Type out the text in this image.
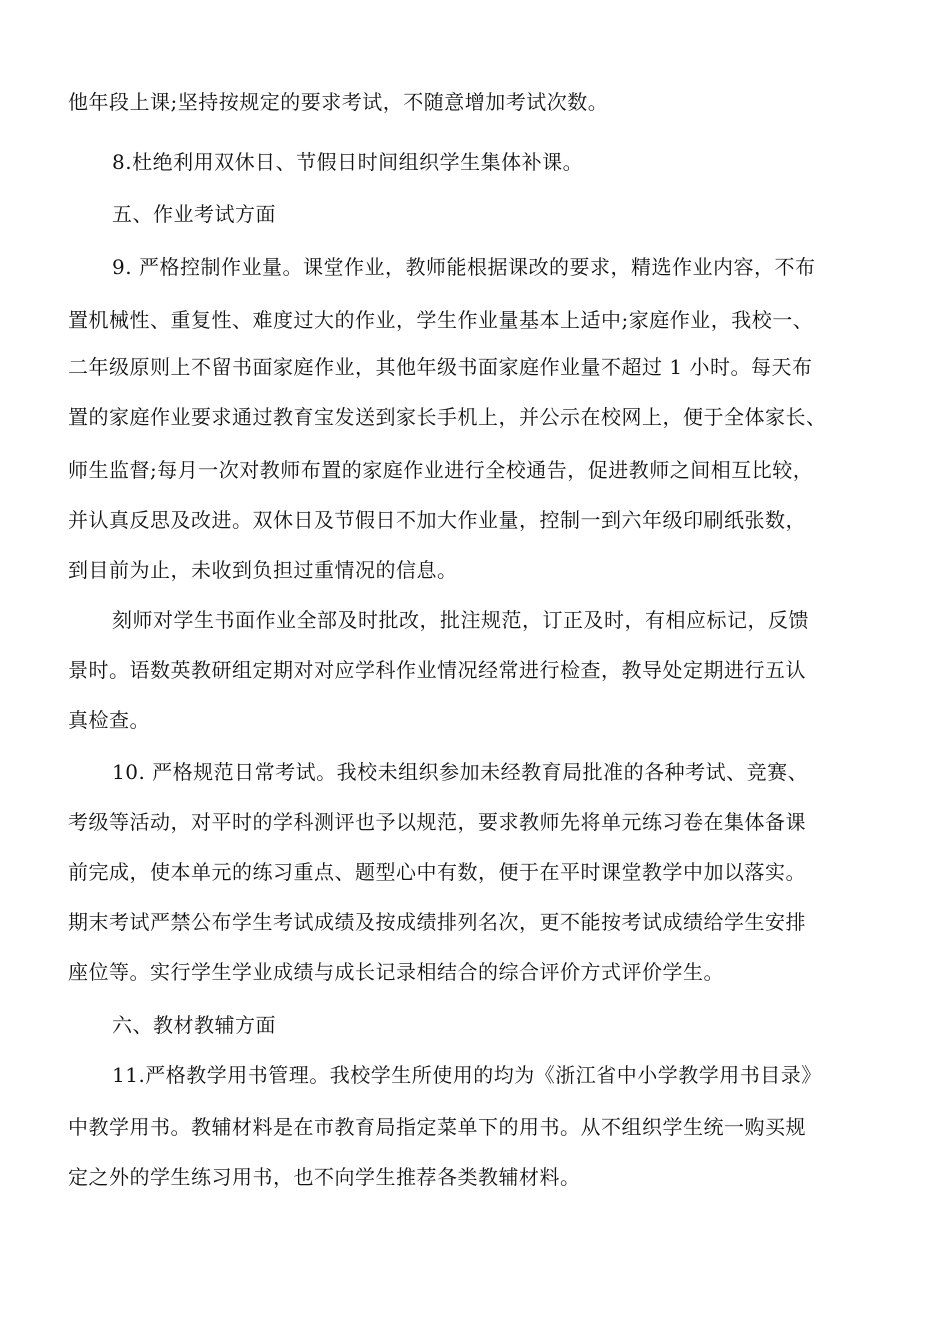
他年段上课;坚持按规定的要求考试，不随意增加考试次数。
8.杜绝利用双休日、节假日时间组织学生集体补课。
五、作业考试方面
9. 严格控制作业量。课堂作业，教师能根据课改的要求，精选作业内容，不布
置机械性、重复性、难度过大的作业，学生作业量基本上适中;家庭作业，我校一、
二年级原则上不留书面家庭作业，其他年级书面家庭作业量不超过 1 小时。每天布
置的家庭作业要求通过教育宝发送到家长手机上，并公示在校网上，便于全体家长、
师生监督;每月一次对教师布置的家庭作业进行全校通告，促进教师之间相互比较，
并认真反思及改进。双休日及节假日不加大作业量，控制一到六年级印刷纸张数，
到目前为止，未收到负担过重情况的信息。
刻师对学生书面作业全部及时批改，批注规范，订正及时，有相应标记，反馈
景时。语数英教研组定期对对应学科作业情况经常进行检查，教导处定期进行五认
真检查。
10. 严格规范日常考试。我校未组织参加未经教育局批准的各种考试、竞赛、
考级等活动，对平时的学科测评也予以规范，要求教师先将单元练习卷在集体备课
前完成，使本单元的练习重点、题型心中有数，便于在平时课堂教学中加以落实。
期末考试严禁公布学生考试成绩及按成绩排列名次，更不能按考试成绩给学生安排
座位等。实行学生学业成绩与成长记录相结合的综合评价方式评价学生。
六、教材教辅方面
11.严格教学用书管理。我校学生所使用的均为《浙江省中小学教学用书目录》
中教学用书。教辅材料是在市教育局指定菜单下的用书。从不组织学生统一购买规
定之外的学生练习用书，也不向学生推荐各类教辅材料。
